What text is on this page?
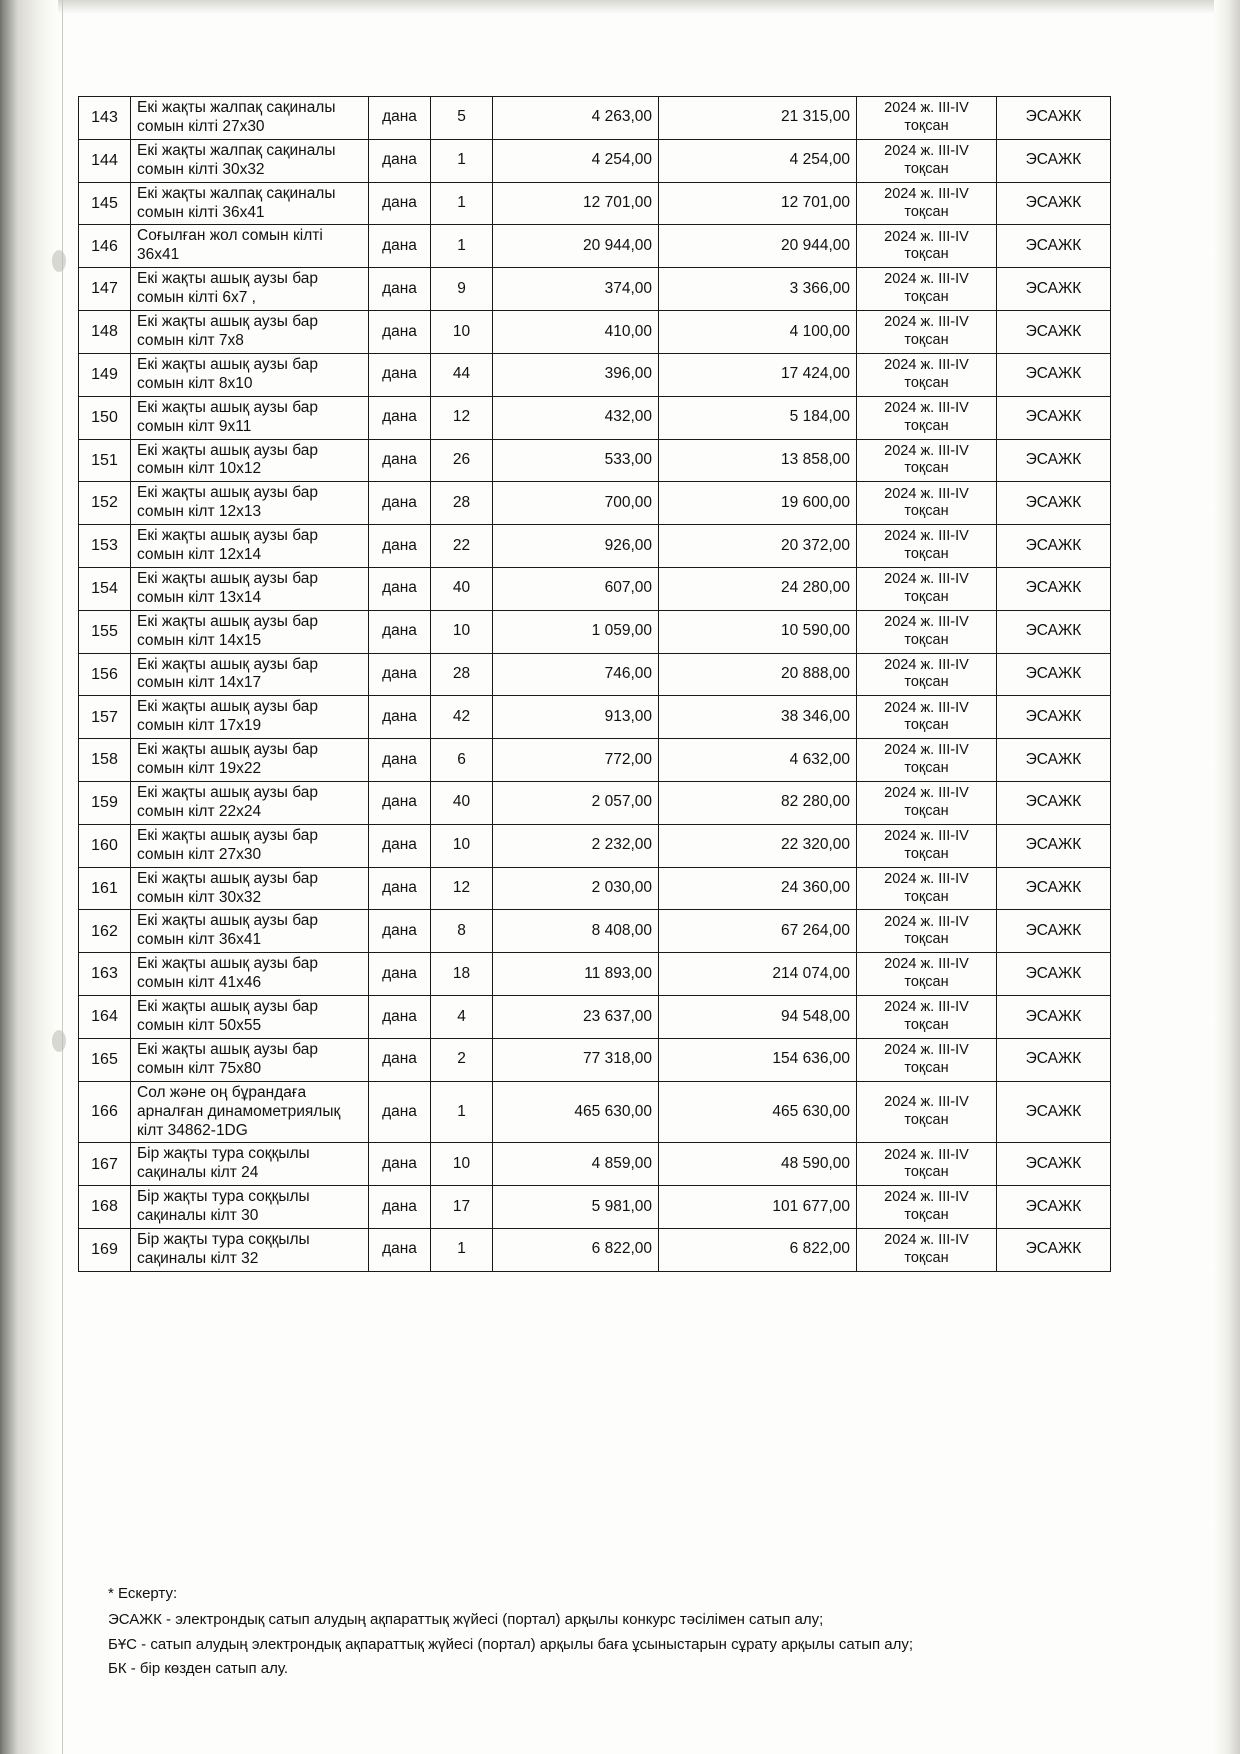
143	Екі жақты жалпақ сақиналы сомын кілті 27x30	дана	5	4 263,00	21 315,00	2024 ж. III-IV тоқсан	ЭСАЖК
144	Екі жақты жалпақ сақиналы сомын кілті 30x32	дана	1	4 254,00	4 254,00	2024 ж. III-IV тоқсан	ЭСАЖК
145	Екі жақты жалпақ сақиналы сомын кілті 36x41	дана	1	12 701,00	12 701,00	2024 ж. III-IV тоқсан	ЭСАЖК
146	Соғылған жол сомын кілті 36x41	дана	1	20 944,00	20 944,00	2024 ж. III-IV тоқсан	ЭСАЖК
147	Екі жақты ашық аузы бар сомын кілті 6x7 ,	дана	9	374,00	3 366,00	2024 ж. III-IV тоқсан	ЭСАЖК
148	Екі жақты ашық аузы бар сомын кілт 7x8	дана	10	410,00	4 100,00	2024 ж. III-IV тоқсан	ЭСАЖК
149	Екі жақты ашық аузы бар сомын кілт 8x10	дана	44	396,00	17 424,00	2024 ж. III-IV тоқсан	ЭСАЖК
150	Екі жақты ашық аузы бар сомын кілт 9x11	дана	12	432,00	5 184,00	2024 ж. III-IV тоқсан	ЭСАЖК
151	Екі жақты ашық аузы бар сомын кілт 10x12	дана	26	533,00	13 858,00	2024 ж. III-IV тоқсан	ЭСАЖК
152	Екі жақты ашық аузы бар сомын кілт 12x13	дана	28	700,00	19 600,00	2024 ж. III-IV тоқсан	ЭСАЖК
153	Екі жақты ашық аузы бар сомын кілт 12x14	дана	22	926,00	20 372,00	2024 ж. III-IV тоқсан	ЭСАЖК
154	Екі жақты ашық аузы бар сомын кілт 13x14	дана	40	607,00	24 280,00	2024 ж. III-IV тоқсан	ЭСАЖК
155	Екі жақты ашық аузы бар сомын кілт 14x15	дана	10	1 059,00	10 590,00	2024 ж. III-IV тоқсан	ЭСАЖК
156	Екі жақты ашық аузы бар сомын кілт 14x17	дана	28	746,00	20 888,00	2024 ж. III-IV тоқсан	ЭСАЖК
157	Екі жақты ашық аузы бар сомын кілт 17x19	дана	42	913,00	38 346,00	2024 ж. III-IV тоқсан	ЭСАЖК
158	Екі жақты ашық аузы бар сомын кілт 19x22	дана	6	772,00	4 632,00	2024 ж. III-IV тоқсан	ЭСАЖК
159	Екі жақты ашық аузы бар сомын кілт 22x24	дана	40	2 057,00	82 280,00	2024 ж. III-IV тоқсан	ЭСАЖК
160	Екі жақты ашық аузы бар сомын кілт 27x30	дана	10	2 232,00	22 320,00	2024 ж. III-IV тоқсан	ЭСАЖК
161	Екі жақты ашық аузы бар сомын кілт 30x32	дана	12	2 030,00	24 360,00	2024 ж. III-IV тоқсан	ЭСАЖК
162	Екі жақты ашық аузы бар сомын кілт 36x41	дана	8	8 408,00	67 264,00	2024 ж. III-IV тоқсан	ЭСАЖК
163	Екі жақты ашық аузы бар сомын кілт 41x46	дана	18	11 893,00	214 074,00	2024 ж. III-IV тоқсан	ЭСАЖК
164	Екі жақты ашық аузы бар сомын кілт 50x55	дана	4	23 637,00	94 548,00	2024 ж. III-IV тоқсан	ЭСАЖК
165	Екі жақты ашық аузы бар сомын кілт 75x80	дана	2	77 318,00	154 636,00	2024 ж. III-IV тоқсан	ЭСАЖК
166	Сол және оң бұрандаға арналған динамометриялық кілт 34862-1DG	дана	1	465 630,00	465 630,00	2024 ж. III-IV тоқсан	ЭСАЖК
167	Бір жақты тура соққылы сақиналы кілт 24	дана	10	4 859,00	48 590,00	2024 ж. III-IV тоқсан	ЭСАЖК
168	Бір жақты тура соққылы сақиналы кілт 30	дана	17	5 981,00	101 677,00	2024 ж. III-IV тоқсан	ЭСАЖК
169	Бір жақты тура соққылы сақиналы кілт 32	дана	1	6 822,00	6 822,00	2024 ж. III-IV тоқсан	ЭСАЖК
* Ескерту:
ЭСАЖК - электрондық сатып алудың ақпараттық жүйесі (портал) арқылы конкурс тәсілімен сатып алу;
БҰС - сатып алудың электрондық ақпараттық жүйесі (портал) арқылы баға ұсыныстарын сұрату арқылы сатып алу;
БК - бір көзден сатып алу.
